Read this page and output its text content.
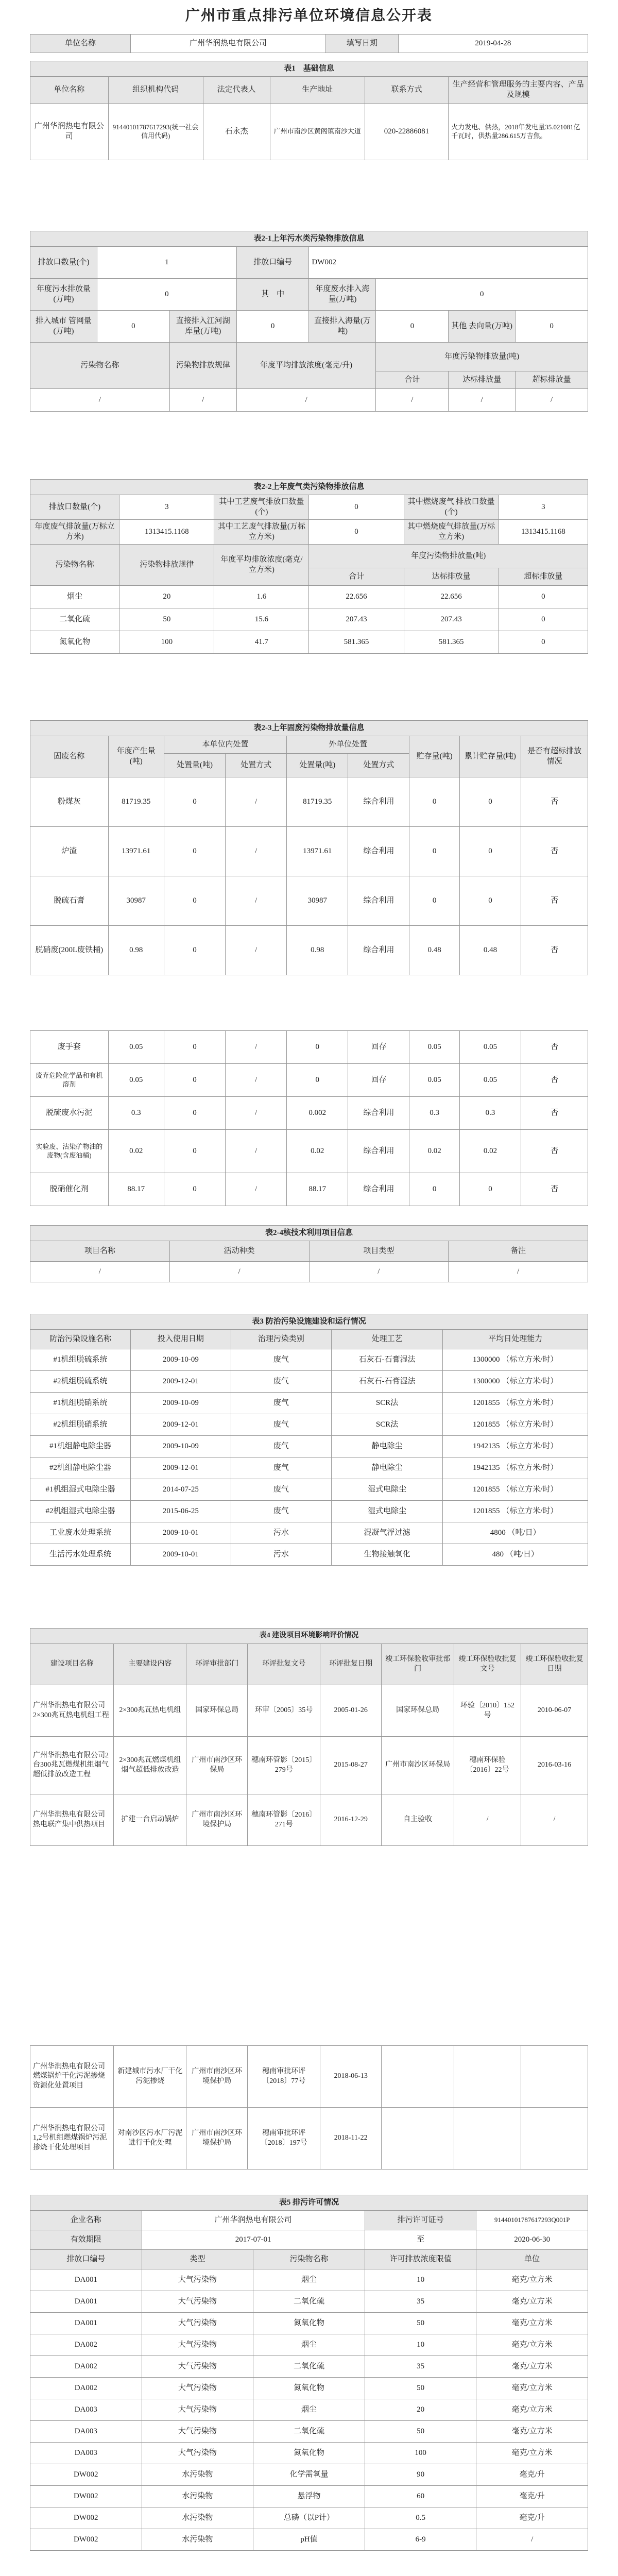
广州市重点排污单位环境信息公开表
单位名称	广州华润热电有限公司	填写日期	2019-04-28
表1　基础信息					
单位名称	组织机构代码	法定代表人	生产地址	联系方式	生产经营和管理服务的主要内容、产品及规模
广州华润热电有限公司	91440101787617293(统一社会信用代码)	石永杰	广州市南沙区黄阁镇南沙大道	020-22886081	火力发电、供热，2018年发电量35.021081亿千瓦时，供热量286.615万吉焦。
表2-1上年污水类污染物排放信息							
排放口数量(个)	1		排放口编号	DW002			
年度污水排放量(万吨)	0		其　中	年度废水排入海量(万吨)	0		
排入城市 管网量(万吨)	0	直接排入江河湖库量(万吨)	0	直接排入海量(万吨)	0	其他 去向量(万吨)	0
污染物名称		污染物排放规律	年度平均排放浓度(毫克/升)		年度污染物排放量(吨)		
					合计	达标排放量	超标排放量
/		/	/		/	/	/
表2-2上年废气类污染物排放信息					
排放口数量(个)	3	其中工艺废气排放口数量(个)	0	其中燃烧废气 排放口数量(个)	3
年度废气排放量(万标立方米)	1313415.1168	其中工艺废气排放量(万标立方米)	0	其中燃烧废气排放量(万标立方米)	1313415.1168
污染物名称	污染物排放规律	年度平均排放浓度(毫克/立方米)	年度污染物排放量(吨)		
			合计	达标排放量	超标排放量
烟尘	20	1.6	22.656	22.656	0
二氧化硫	50	15.6	207.43	207.43	0
氮氧化物	100	41.7	581.365	581.365	0
表2-3上年固废污染物排放量信息								
固废名称	年度产生量(吨)	本单位内处置		外单位处置		贮存量(吨)	累计贮存量(吨)	是否有超标排放情况
		处置量(吨)	处置方式	处置量(吨)	处置方式			
粉煤灰	81719.35	0	/	81719.35	综合利用	0	0	否
炉渣	13971.61	0	/	13971.61	综合利用	0	0	否
脱硫石膏	30987	0	/	30987	综合利用	0	0	否
脱硝废(200L废铁桶)	0.98	0	/	0.98	综合利用	0.48	0.48	否
废手套	0.05	0	/	0	回存	0.05	0.05	否
废弃危险化学品和有机溶剂	0.05	0	/	0	回存	0.05	0.05	否
脱硫废水污泥	0.3	0	/	0.002	综合利用	0.3	0.3	否
实验废、沾染矿物油的废物(含废油桶)	0.02	0	/	0.02	综合利用	0.02	0.02	否
脱硝催化剂	88.17	0	/	88.17	综合利用	0	0	否
表2-4核技术利用项目信息			
项目名称	活动种类	项目类型	备注
/	/	/	/
表3 防治污染设施建设和运行情况				
防治污染设施名称	投入使用日期	治理污染类别	处理工艺	平均日处理能力
#1机组脱硫系统	2009-10-09	废气	石灰石-石膏湿法	1300000 （标立方米/时）
#2机组脱硫系统	2009-12-01	废气	石灰石-石膏湿法	1300000 （标立方米/时）
#1机组脱硝系统	2009-10-09	废气	SCR法	1201855 （标立方米/时）
#2机组脱硝系统	2009-12-01	废气	SCR法	1201855 （标立方米/时）
#1机组静电除尘器	2009-10-09	废气	静电除尘	1942135 （标立方米/时）
#2机组静电除尘器	2009-12-01	废气	静电除尘	1942135 （标立方米/时）
#1机组湿式电除尘器	2014-07-25	废气	湿式电除尘	1201855 （标立方米/时）
#2机组湿式电除尘器	2015-06-25	废气	湿式电除尘	1201855 （标立方米/时）
工业废水处理系统	2009-10-01	污水	混凝气浮过滤	4800 （吨/日）
生活污水处理系统	2009-10-01	污水	生物接触氧化	480 （吨/日）
表4 建设项目环境影响评价情况							
建设项目名称	主要建设内容	环评审批部门	环评批复文号	环评批复日期	竣工环保验收审批部门	竣工环保验收批复文号	竣工环保验收批复日期
广州华润热电有限公司2×300兆瓦热电机组工程	2×300兆瓦热电机组	国家环保总局	环审〔2005〕35号	2005-01-26	国家环保总局	环验〔2010〕152号	2010-06-07
广州华润热电有限公司2台300兆瓦燃煤机组烟气超低排放改造工程	2×300兆瓦燃煤机组烟气超低排放改造	广州市南沙区环保局	穗南环管影〔2015〕279号	2015-08-27	广州市南沙区环保局	穗南环保验〔2016〕22号	2016-03-16
广州华润热电有限公司热电联产集中供热项目	扩建一台启动锅炉	广州市南沙区环境保护局	穗南环管影〔2016〕271号	2016-12-29	自主验收	/	/
广州华润热电有限公司燃煤锅炉干化污泥掺烧资源化处置项目	新建城市污水厂干化污泥掺烧	广州市南沙区环境保护局	穗南审批环评〔2018〕77号	2018-06-13			
广州华润热电有限公司1,2号机组燃煤锅炉污泥掺烧干化处理项目	对南沙区污水厂污泥进行干化处理	广州市南沙区环境保护局	穗南审批环评〔2018〕197号	2018-11-22			
表5 排污许可情况				
企业名称	广州华润热电有限公司		排污许可证号	91440101787617293Q001P
有效期限	2017-07-01		至	2020-06-30
排放口编号	类型	污染物名称	许可排放浓度限值	单位
DA001	大气污染物	烟尘	10	毫克/立方米
DA001	大气污染物	二氧化硫	35	毫克/立方米
DA001	大气污染物	氮氧化物	50	毫克/立方米
DA002	大气污染物	烟尘	10	毫克/立方米
DA002	大气污染物	二氧化硫	35	毫克/立方米
DA002	大气污染物	氮氧化物	50	毫克/立方米
DA003	大气污染物	烟尘	20	毫克/立方米
DA003	大气污染物	二氧化硫	50	毫克/立方米
DA003	大气污染物	氮氧化物	100	毫克/立方米
DW002	水污染物	化学需氧量	90	毫克/升
DW002	水污染物	悬浮物	60	毫克/升
DW002	水污染物	总磷（以P计）	0.5	毫克/升
DW002	水污染物	pH值	6-9	/
